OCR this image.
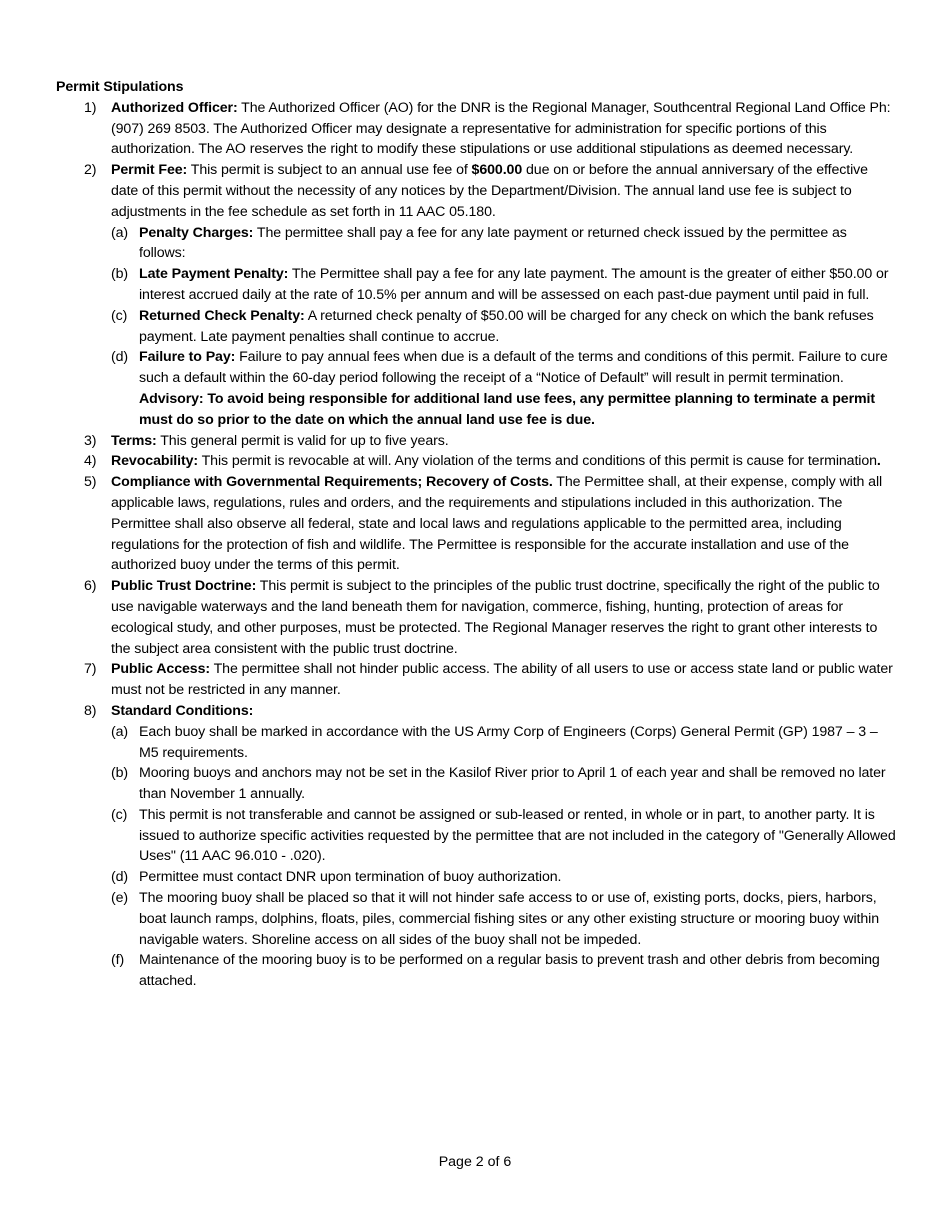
Permit Stipulations
1) Authorized Officer: The Authorized Officer (AO) for the DNR is the Regional Manager, Southcentral Regional Land Office Ph: (907) 269 8503. The Authorized Officer may designate a representative for administration for specific portions of this authorization. The AO reserves the right to modify these stipulations or use additional stipulations as deemed necessary.
2) Permit Fee: This permit is subject to an annual use fee of $600.00 due on or before the annual anniversary of the effective date of this permit without the necessity of any notices by the Department/Division. The annual land use fee is subject to adjustments in the fee schedule as set forth in 11 AAC 05.180.
(a) Penalty Charges: The permittee shall pay a fee for any late payment or returned check issued by the permittee as follows:
(b) Late Payment Penalty: The Permittee shall pay a fee for any late payment. The amount is the greater of either $50.00 or interest accrued daily at the rate of 10.5% per annum and will be assessed on each past-due payment until paid in full.
(c) Returned Check Penalty: A returned check penalty of $50.00 will be charged for any check on which the bank refuses payment. Late payment penalties shall continue to accrue.
(d) Failure to Pay: Failure to pay annual fees when due is a default of the terms and conditions of this permit. Failure to cure such a default within the 60-day period following the receipt of a “Notice of Default” will result in permit termination. Advisory: To avoid being responsible for additional land use fees, any permittee planning to terminate a permit must do so prior to the date on which the annual land use fee is due.
3) Terms: This general permit is valid for up to five years.
4) Revocability: This permit is revocable at will. Any violation of the terms and conditions of this permit is cause for termination.
5) Compliance with Governmental Requirements; Recovery of Costs. The Permittee shall, at their expense, comply with all applicable laws, regulations, rules and orders, and the requirements and stipulations included in this authorization. The Permittee shall also observe all federal, state and local laws and regulations applicable to the permitted area, including regulations for the protection of fish and wildlife. The Permittee is responsible for the accurate installation and use of the authorized buoy under the terms of this permit.
6) Public Trust Doctrine: This permit is subject to the principles of the public trust doctrine, specifically the right of the public to use navigable waterways and the land beneath them for navigation, commerce, fishing, hunting, protection of areas for ecological study, and other purposes, must be protected. The Regional Manager reserves the right to grant other interests to the subject area consistent with the public trust doctrine.
7) Public Access: The permittee shall not hinder public access. The ability of all users to use or access state land or public water must not be restricted in any manner.
8) Standard Conditions:
(a) Each buoy shall be marked in accordance with the US Army Corp of Engineers (Corps) General Permit (GP) 1987 – 3 – M5 requirements.
(b) Mooring buoys and anchors may not be set in the Kasilof River prior to April 1 of each year and shall be removed no later than November 1 annually.
(c) This permit is not transferable and cannot be assigned or sub-leased or rented, in whole or in part, to another party. It is issued to authorize specific activities requested by the permittee that are not included in the category of "Generally Allowed Uses" (11 AAC 96.010 - .020).
(d) Permittee must contact DNR upon termination of buoy authorization.
(e) The mooring buoy shall be placed so that it will not hinder safe access to or use of, existing ports, docks, piers, harbors, boat launch ramps, dolphins, floats, piles, commercial fishing sites or any other existing structure or mooring buoy within navigable waters. Shoreline access on all sides of the buoy shall not be impeded.
(f) Maintenance of the mooring buoy is to be performed on a regular basis to prevent trash and other debris from becoming attached.
Page 2 of 6
